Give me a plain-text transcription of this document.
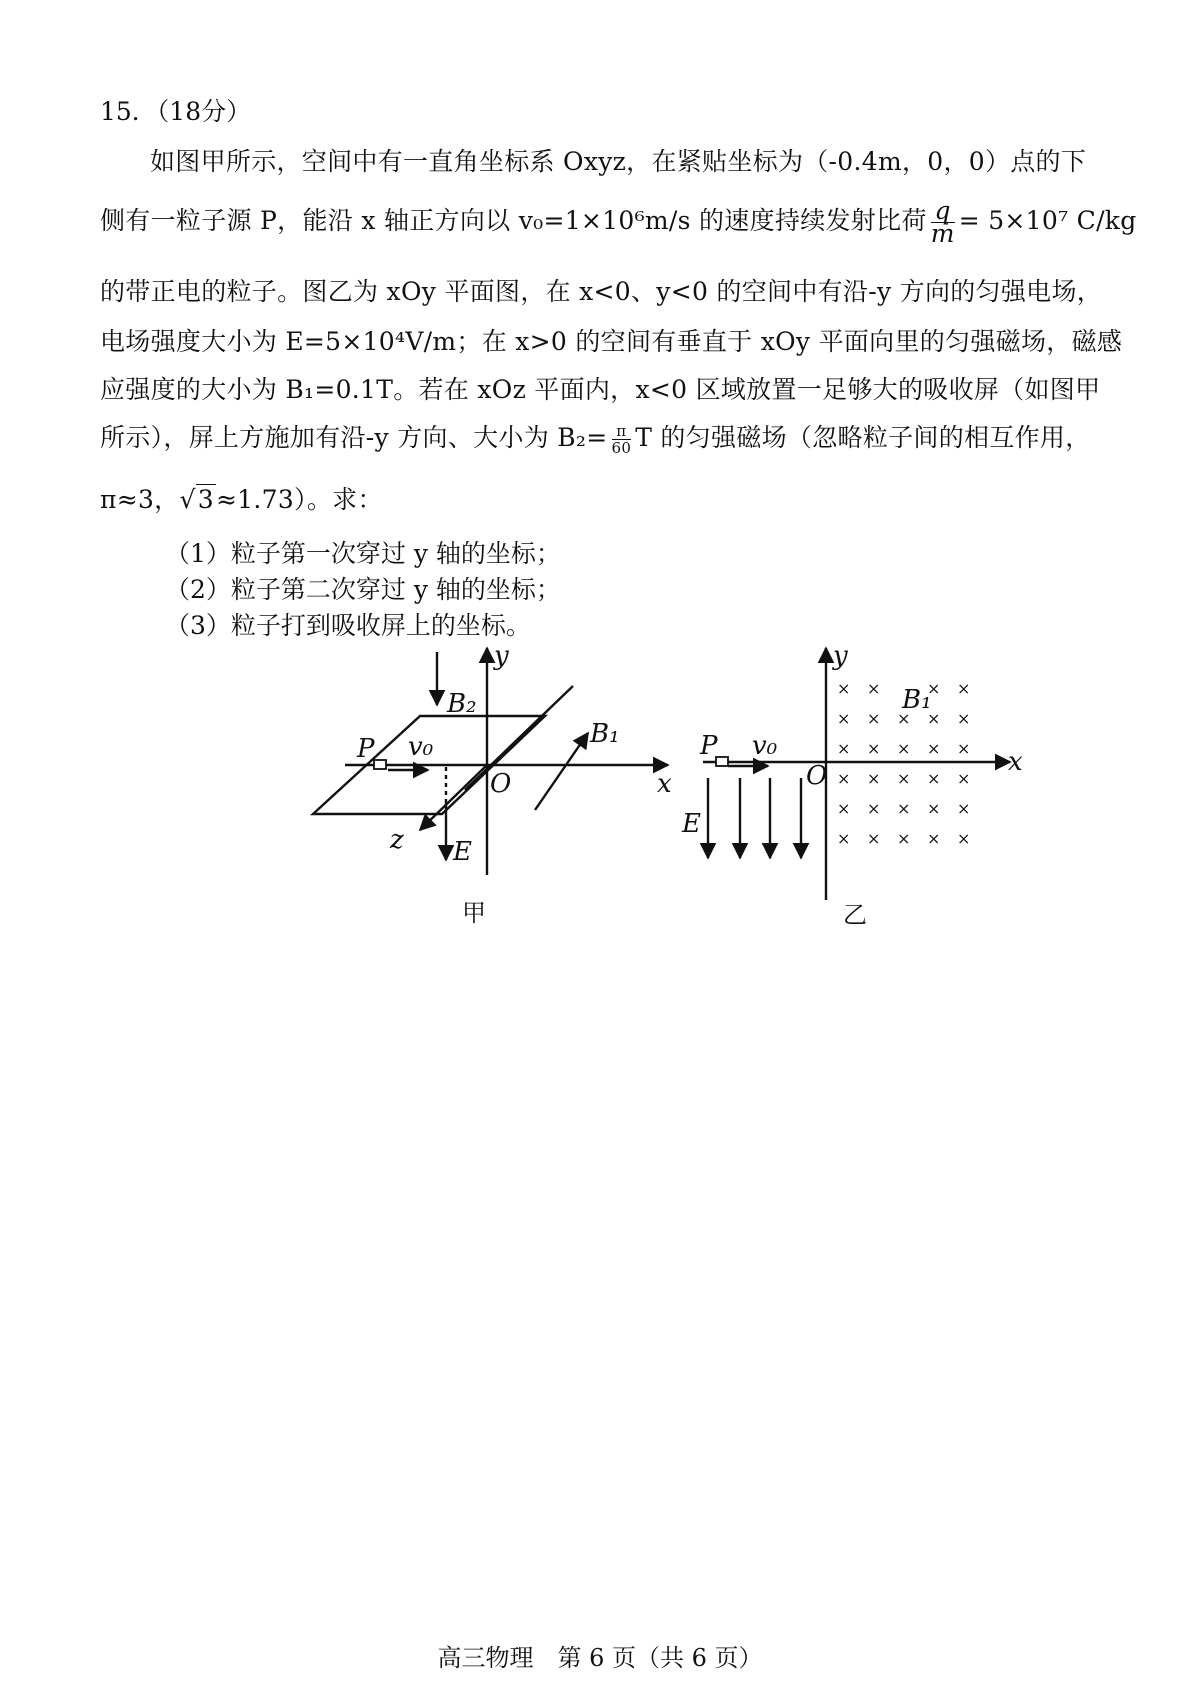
15．（18分）
如图甲所示，空间中有一直角坐标系 Oxyz，在紧贴坐标为（-0.4m，0，0）点的下
侧有一粒子源 P，能沿 x 轴正方向以 v₀=1×10⁶m/s 的速度持续发射比荷 $\frac{q}{m} = 5\times 10^7$ C/kg
的带正电的粒子。图乙为 xOy 平面图，在 x<0、y<0 的空间中有沿-y 方向的匀强电场，
电场强度大小为 E=5×10⁴V/m；在 x>0 的空间有垂直于 xOy 平面向里的匀强磁场，磁感
应强度的大小为 B₁=0.1T。若在 xOz 平面内，x<0 区域放置一足够大的吸收屏（如图甲
所示），屏上方施加有沿-y 方向、大小为 $B_2= \frac{\pi}{60}$ T 的匀强磁场（忽略粒子间的相互作用，
π≈3，√3≈1.73）。求：
（1）粒子第一次穿过 y 轴的坐标；
（2）粒子第二次穿过 y 轴的坐标；
（3）粒子打到吸收屏上的坐标。
y
B₂
B₁
P v₀
O	x
z E
甲
× ×	× ×
× × × × ×
× × × × ×
× × × × ×
× × × × ×
× × × × ×
y
B₁
P v₀
O	x
E
乙
高三物理　第 6 页（共 6 页）
